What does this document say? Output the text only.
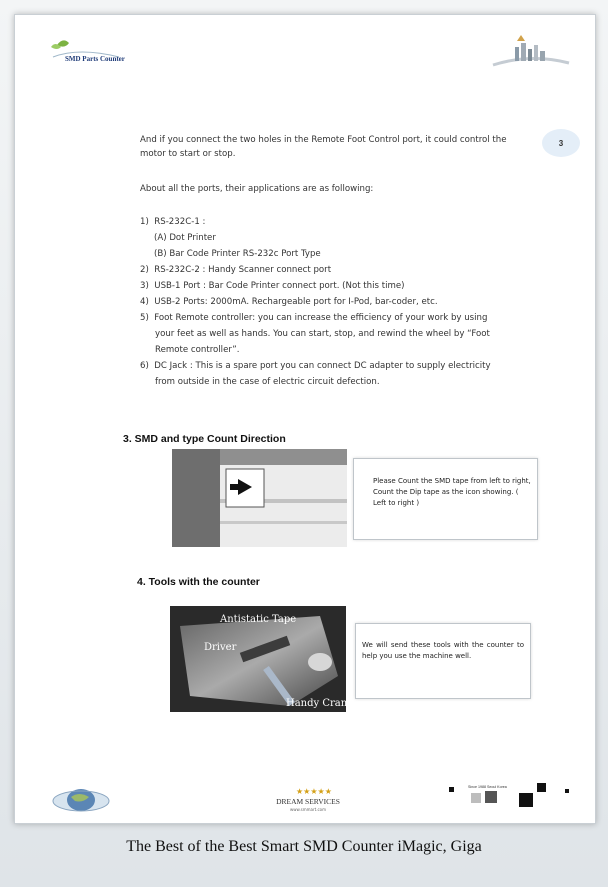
SMD Parts Counter
3
And if you connect the two holes in the Remote Foot Control port, it could control the motor to start or stop.
About all the ports, their applications are as following:
1)  RS-232C-1 :
(A) Dot Printer
(B) Bar Code Printer RS-232c Port Type
2)  RS-232C-2 : Handy Scanner connect port
3)  USB-1 Port : Bar Code Printer connect port. (Not this time)
4)  USB-2 Ports: 2000mA. Rechargeable port for I-Pod, bar-coder, etc.
5)  Foot Remote controller: you can increase the efficiency of your work by using
your feet as well as hands. You can start, stop, and rewind the wheel by “Foot
Remote controller”.
6)  DC Jack : This is a spare port you can connect DC adapter to supply electricity
from outside in the case of electric circuit defection.
3. SMD and type Count Direction
Please Count the SMD tape from left to right, Count the Dip tape as the icon showing. ( Left to right )
4. Tools with the counter
Antistatic Tape
Driver
Handy Crank
We will send these tools with the counter to help you use the machine well.
★★★★★
DREAM SERVICES
www.smmart.com
Since 1988 Seoul Korea
The Best of the Best Smart SMD Counter iMagic, Giga
